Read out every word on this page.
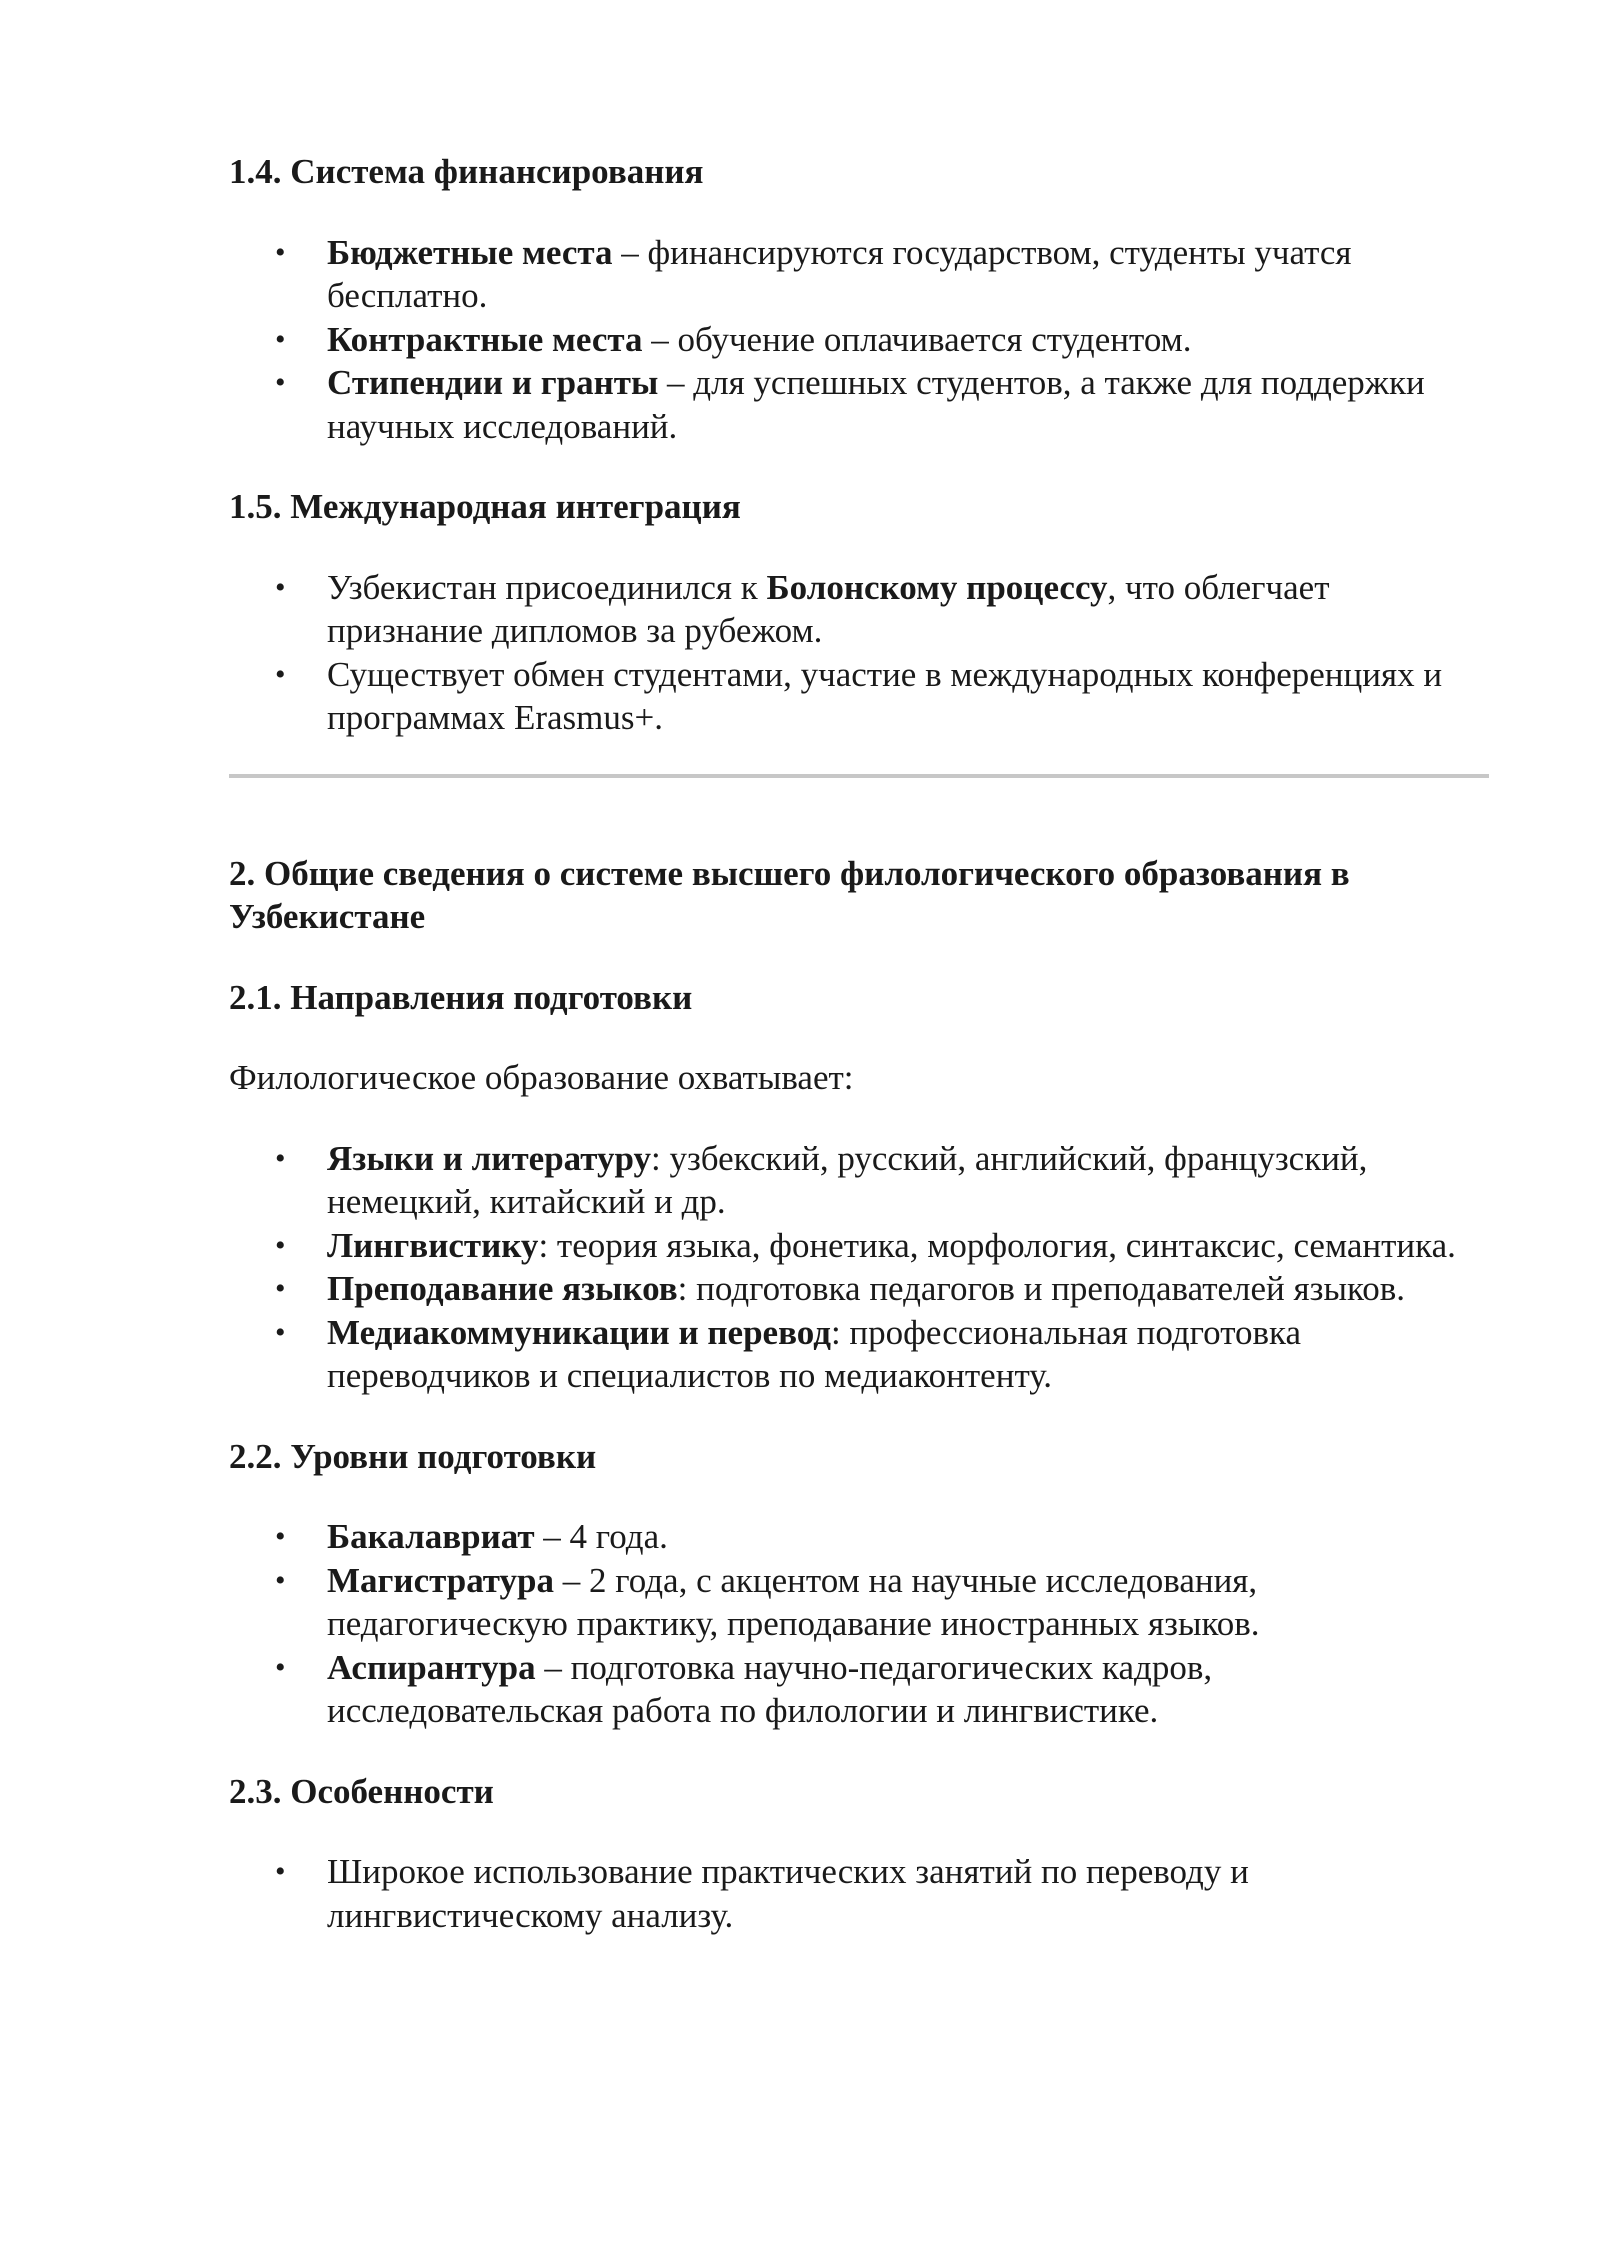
1.4. Система финансирования

• Бюджетные места – финансируются государством, студенты учатся бесплатно.
• Контрактные места – обучение оплачивается студентом.
• Стипендии и гранты – для успешных студентов, а также для поддержки научных исследований.

1.5. Международная интеграция

• Узбекистан присоединился к Болонскому процессу, что облегчает признание дипломов за рубежом.
• Существует обмен студентами, участие в международных конференциях и программах Erasmus+.

2. Общие сведения о системе высшего филологического образования в Узбекистане

2.1. Направления подготовки

Филологическое образование охватывает:

• Языки и литературу: узбекский, русский, английский, французский, немецкий, китайский и др.
• Лингвистику: теория языка, фонетика, морфология, синтаксис, семантика.
• Преподавание языков: подготовка педагогов и преподавателей языков.
• Медиакоммуникации и перевод: профессиональная подготовка переводчиков и специалистов по медиаконтенту.

2.2. Уровни подготовки

• Бакалавриат – 4 года.
• Магистратура – 2 года, с акцентом на научные исследования, педагогическую практику, преподавание иностранных языков.
• Аспирантура – подготовка научно-педагогических кадров, исследовательская работа по филологии и лингвистике.

2.3. Особенности

• Широкое использование практических занятий по переводу и лингвистическому анализу.
